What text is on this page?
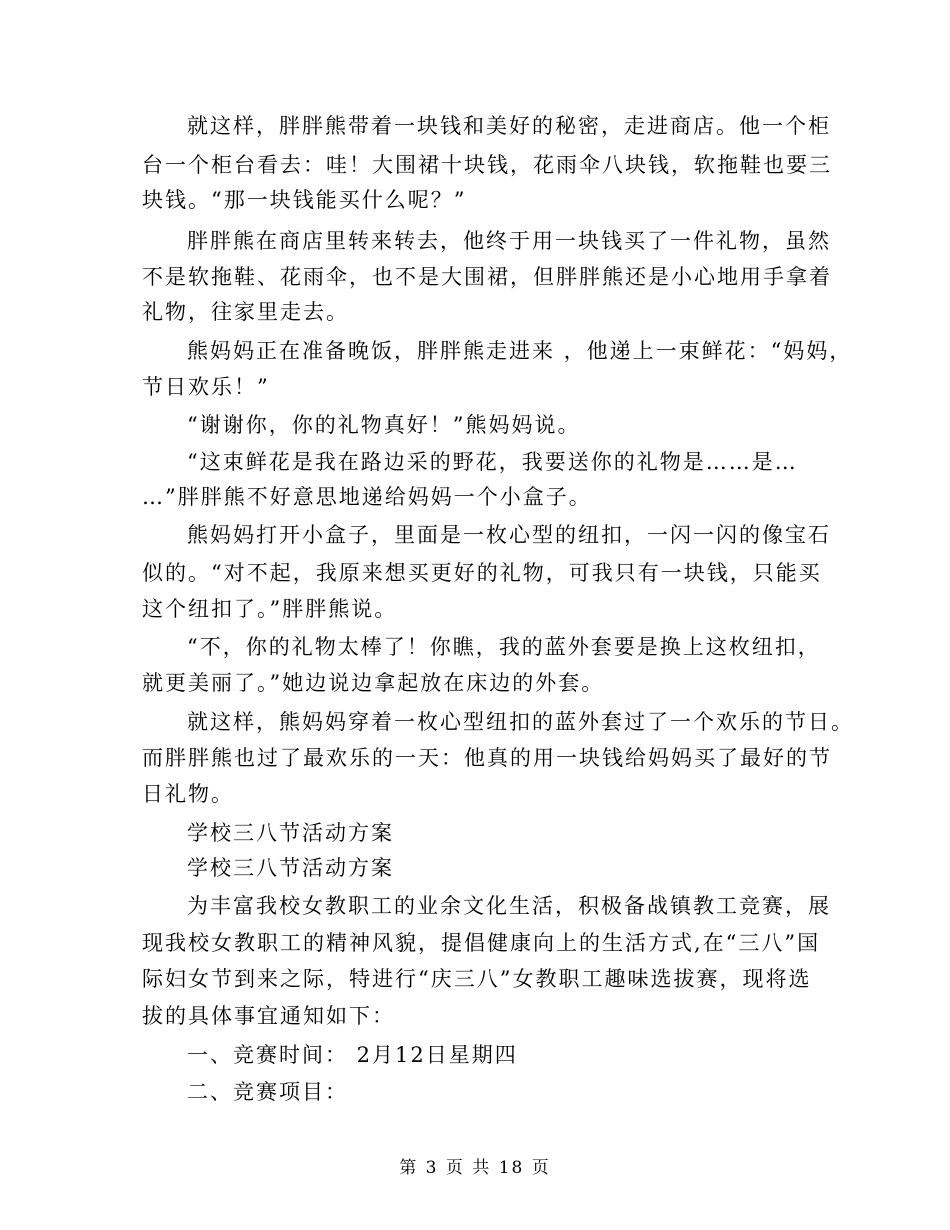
就这样，胖胖熊带着一块钱和美好的秘密，走进商店。他一个柜

台一个柜台看去：哇！大围裙十块钱，花雨伞八块钱，软拖鞋也要三

块钱。“那一块钱能买什么呢？”

胖胖熊在商店里转来转去，他终于用一块钱买了一件礼物，虽然

不是软拖鞋、花雨伞，也不是大围裙，但胖胖熊还是小心地用手拿着

礼物，往家里走去。

熊妈妈正在准备晚饭，胖胖熊走进来 ，他递上一束鲜花：“妈妈，

节日欢乐！”

“谢谢你，你的礼物真好！”熊妈妈说。

“这束鲜花是我在路边采的野花，我要送你的礼物是……是…

…”胖胖熊不好意思地递给妈妈一个小盒子。

熊妈妈打开小盒子，里面是一枚心型的纽扣，一闪一闪的像宝石

似的。“对不起，我原来想买更好的礼物，可我只有一块钱，只能买

这个纽扣了。”胖胖熊说。

“不，你的礼物太棒了！你瞧，我的蓝外套要是换上这枚纽扣，

就更美丽了。”她边说边拿起放在床边的外套。

就这样，熊妈妈穿着一枚心型纽扣的蓝外套过了一个欢乐的节日。

而胖胖熊也过了最欢乐的一天：他真的用一块钱给妈妈买了最好的节

日礼物。

学校三八节活动方案

学校三八节活动方案

为丰富我校女教职工的业余文化生活，积极备战镇教工竞赛，展

现我校女教职工的精神风貌，提倡健康向上的生活方式,在“三八”国

际妇女节到来之际，特进行“庆三八”女教职工趣味选拔赛，现将选

拔的具体事宜通知如下：

一、竞赛时间： 2月12日星期四

二、竞赛项目：

第 3 页 共 18 页
